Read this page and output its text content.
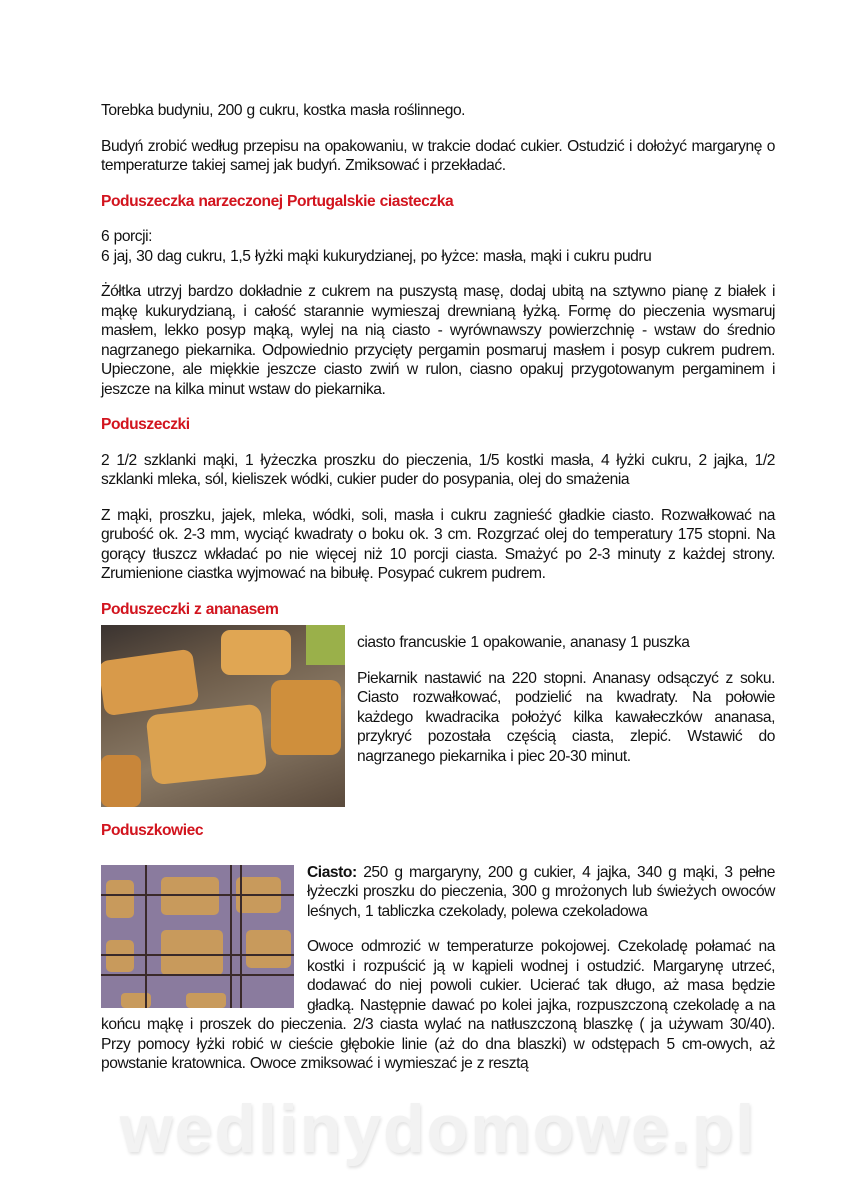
Torebka budyniu, 200 g cukru, kostka masła roślinnego.

Budyń zrobić według przepisu na opakowaniu, w trakcie dodać cukier. Ostudzić i dołożyć margarynę o temperaturze takiej samej jak budyń. Zmiksować i przekładać.

Poduszeczka narzeczonej Portugalskie ciasteczka

6 porcji:

6 jaj, 30 dag cukru, 1,5 łyżki mąki kukurydzianej, po łyżce: masła, mąki i cukru pudru

Żółtka utrzyj bardzo dokładnie z cukrem na puszystą masę, dodaj ubitą na sztywno pianę z białek i mąkę kukurydzianą, i całość starannie wymieszaj drewnianą łyżką. Formę do pieczenia wysmaruj masłem, lekko posyp mąką, wylej na nią ciasto - wyrównawszy powierzchnię - wstaw do średnio nagrzanego piekarnika. Odpowiednio przycięty pergamin posmaruj masłem i posyp cukrem pudrem. Upieczone, ale miękkie jeszcze ciasto zwiń w rulon, ciasno opakuj przygotowanym pergaminem i jeszcze na kilka minut wstaw do piekarnika.

Poduszeczki

2 1/2 szklanki mąki, 1 łyżeczka proszku do pieczenia, 1/5 kostki masła, 4 łyżki cukru, 2 jajka, 1/2 szklanki mleka, sól, kieliszek wódki, cukier puder do posypania, olej do smażenia

Z mąki, proszku, jajek, mleka, wódki, soli, masła i cukru zagnieść gładkie ciasto. Rozwałkować na grubość ok. 2-3 mm, wyciąć kwadraty o boku ok. 3 cm. Rozgrzać olej do temperatury 175 stopni. Na gorący tłuszcz wkładać po nie więcej niż 10 porcji ciasta. Smażyć po 2-3 minuty z każdej strony. Zrumienione ciastka wyjmować na bibułę. Posypać cukrem pudrem.

Poduszeczki z ananasem

ciasto francuskie 1 opakowanie, ananasy 1 puszka

Piekarnik nastawić na 220 stopni. Ananasy odsączyć z soku. Ciasto rozwałkować, podzielić na kwadraty. Na połowie każdego kwadracika położyć kilka kawałeczków ananasa, przykryć pozostała częścią ciasta, zlepić. Wstawić do nagrzanego piekarnika i piec 20-30 minut.

Poduszkowiec

Ciasto: 250 g margaryny, 200 g cukier, 4 jajka, 340 g mąki, 3 pełne łyżeczki proszku do pieczenia, 300 g mrożonych lub świeżych owoców leśnych, 1 tabliczka czekolady, polewa czekoladowa

Owoce odmrozić w temperaturze pokojowej. Czekoladę połamać na kostki i rozpuścić ją w kąpieli wodnej i ostudzić. Margarynę utrzeć, dodawać do niej powoli cukier. Ucierać tak długo, aż masa będzie gładką. Następnie dawać po kolei jajka, rozpuszczoną czekoladę a na końcu mąkę i proszek do pieczenia. 2/3 ciasta wylać na natłuszczoną blaszkę ( ja używam 30/40). Przy pomocy łyżki robić w cieście głębokie linie (aż do dna blaszki) w odstępach 5 cm-owych, aż powstanie kratownica. Owoce zmiksować i wymieszać je z resztą

wedlinydomowe.pl
